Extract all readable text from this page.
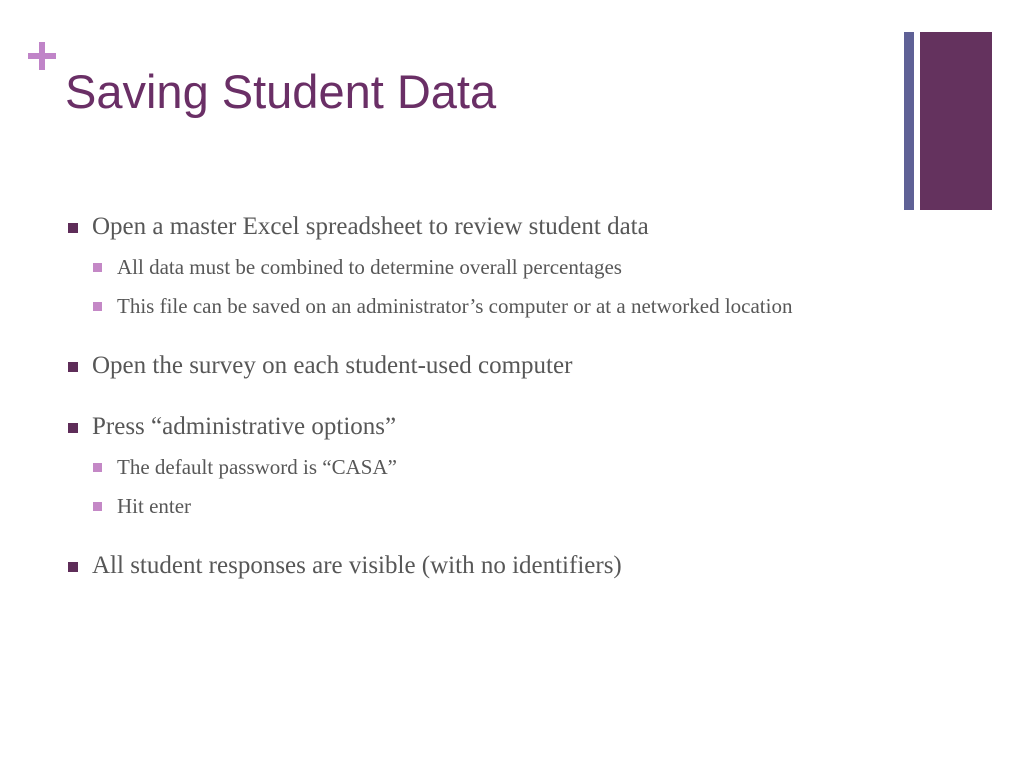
Saving Student Data
Open a master Excel spreadsheet to review student data
All data must be combined to determine overall percentages
This file can be saved on an administrator’s computer or at a networked location
Open the survey on each student-used computer
Press “administrative options”
The default password is “CASA”
Hit enter
All student responses are visible (with no identifiers)
